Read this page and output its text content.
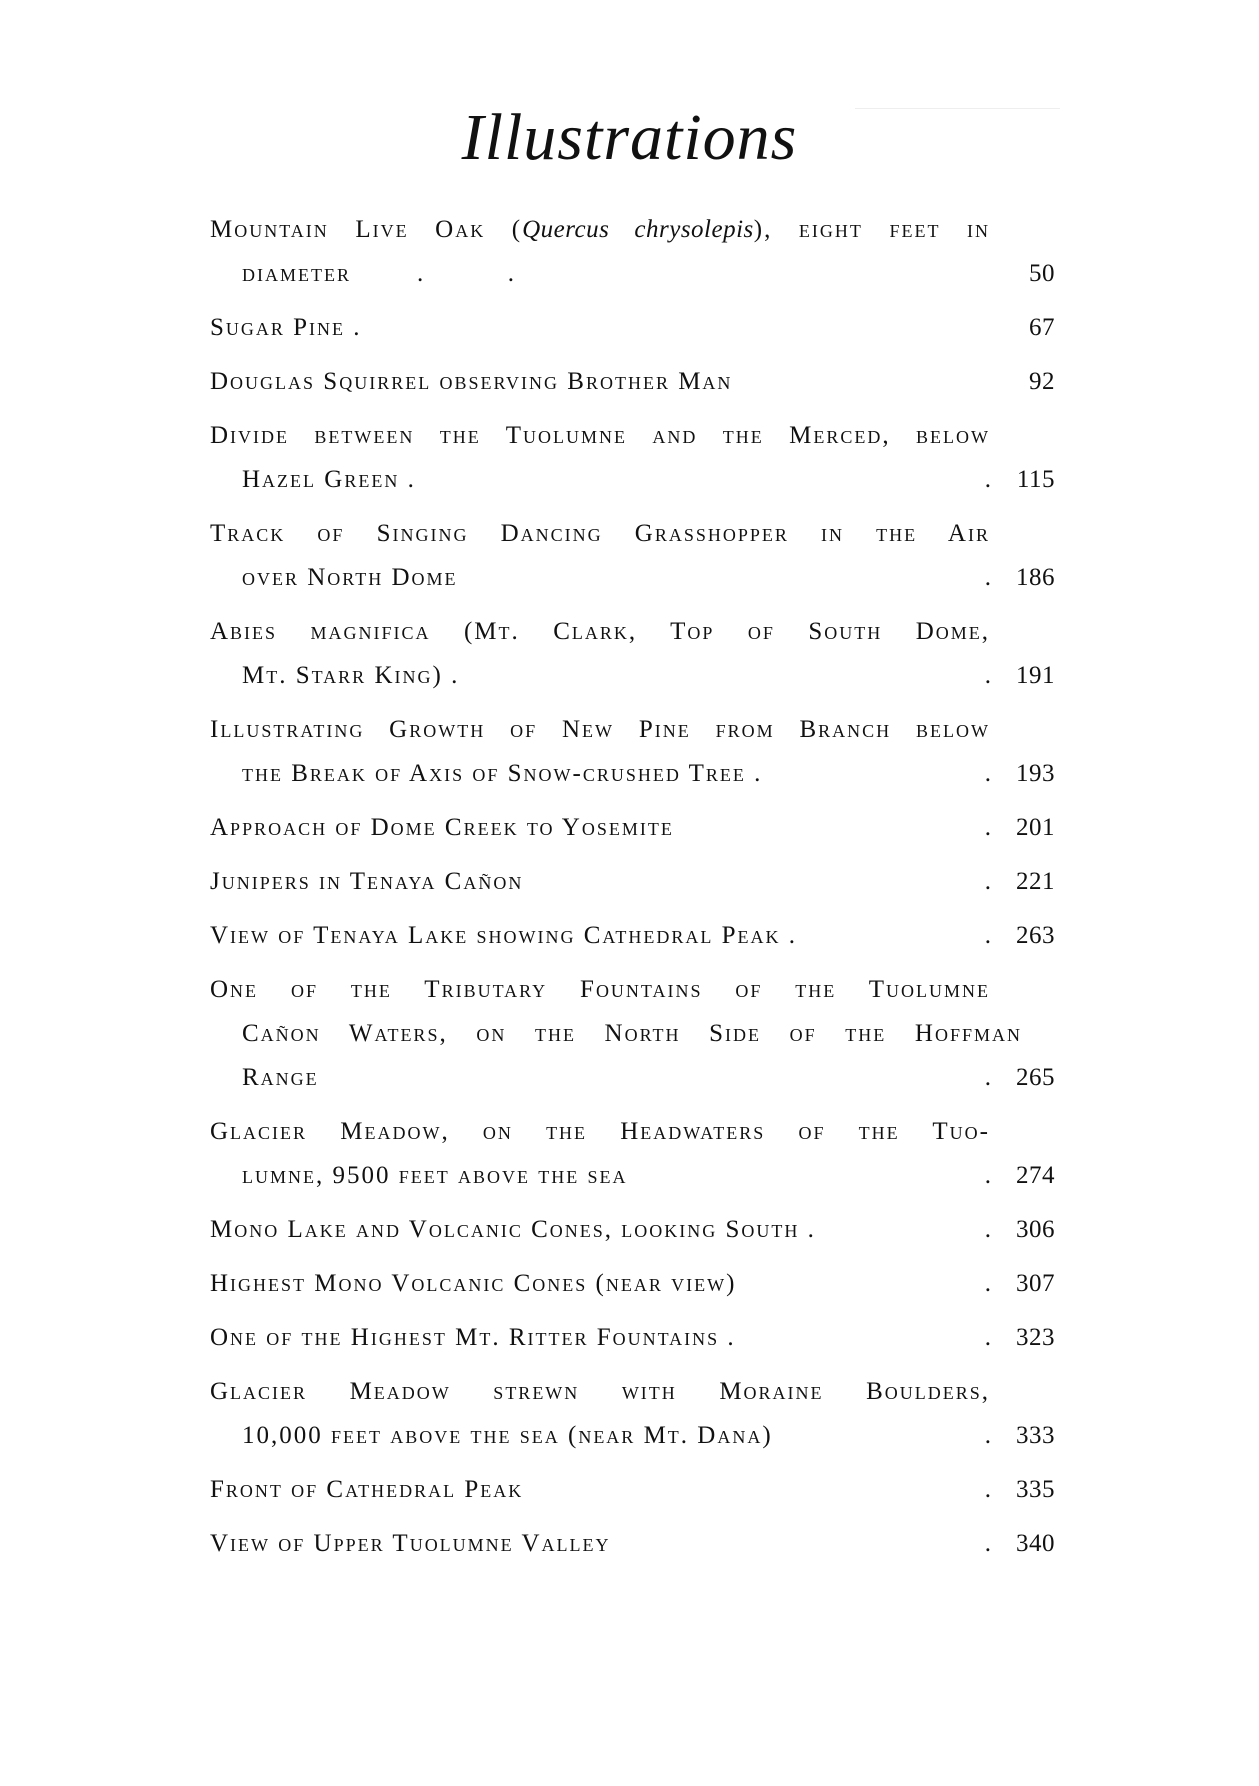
Illustrations
Mountain Live Oak (Quercus chrysolepis), eight feet in
diameter        .          .	50
Sugar Pine .	67
Douglas Squirrel observing Brother Man	92
Divide between the Tuolumne and the Merced, below
Hazel Green .	. 115
Track of Singing Dancing Grasshopper in the Air
over North Dome	. 186
Abies magnifica (Mt. Clark, Top of South Dome,
Mt. Starr King) .	. 191
Illustrating Growth of New Pine from Branch below
the Break of Axis of Snow-crushed Tree .	. 193
Approach of Dome Creek to Yosemite	. 201
Junipers in Tenaya Cañon	. 221
View of Tenaya Lake showing Cathedral Peak .	. 263
One of the Tributary Fountains of the Tuolumne
Cañon Waters, on the North Side of the Hoffman
Range	. 265
Glacier Meadow, on the Headwaters of the Tuo-
lumne, 9500 feet above the sea	. 274
Mono Lake and Volcanic Cones, looking South .	. 306
Highest Mono Volcanic Cones (near view)	. 307
One of the Highest Mt. Ritter Fountains .	. 323
Glacier Meadow strewn with Moraine Boulders,
10,000 feet above the sea (near Mt. Dana)	. 333
Front of Cathedral Peak	. 335
View of Upper Tuolumne Valley	. 340
